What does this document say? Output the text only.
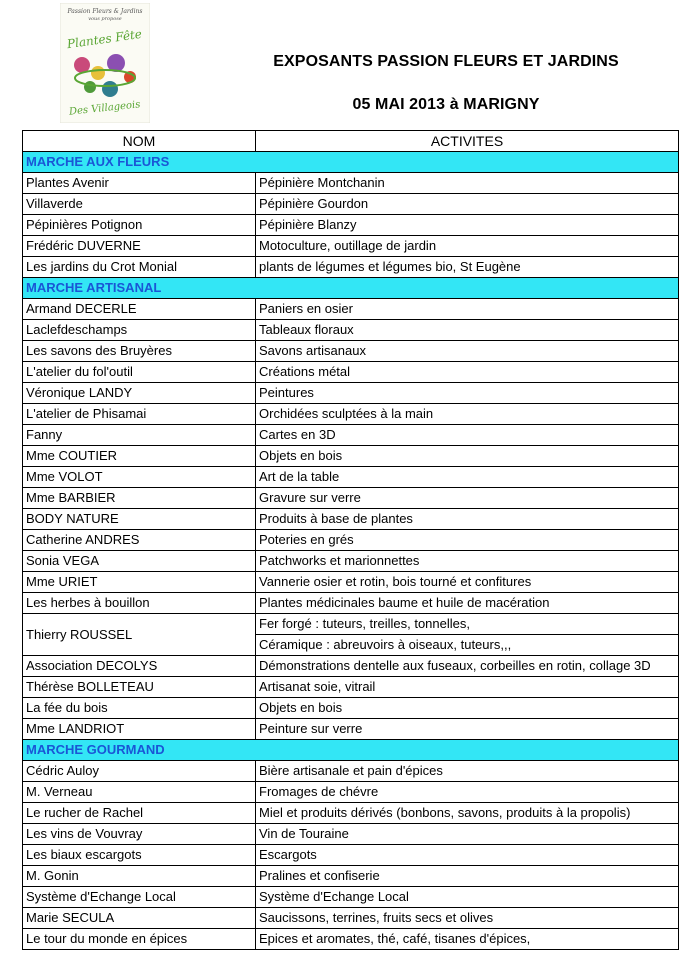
Passion Fleurs & Jardins
vous propose
Plantes Fête
Des Villageois

EXPOSANTS PASSION FLEURS ET JARDINS

05 MAI 2013 à MARIGNY

NOM	ACTIVITES
MARCHE AUX FLEURS	
Plantes Avenir	Pépinière Montchanin
Villaverde	Pépinière Gourdon
Pépinières Potignon	Pépinière Blanzy
Frédéric DUVERNE	Motoculture, outillage de jardin
Les jardins du Crot Monial	plants de légumes et légumes bio, St Eugène
MARCHE ARTISANAL	
Armand DECERLE	Paniers en osier
Laclefdeschamps	Tableaux floraux
Les savons des Bruyères	Savons artisanaux
L'atelier du fol'outil	Créations métal
Véronique LANDY	Peintures
L'atelier de Phisamai	Orchidées sculptées à la main
Fanny	Cartes en 3D
Mme COUTIER	Objets en bois
Mme VOLOT	Art de la table
Mme BARBIER	Gravure sur verre
BODY NATURE	Produits à base de plantes
Catherine ANDRES	Poteries en grés
Sonia VEGA	Patchworks et marionnettes
Mme URIET	Vannerie osier et rotin, bois tourné et confitures
Les herbes à bouillon	Plantes médicinales baume et huile de macération
Thierry ROUSSEL	Fer forgé : tuteurs, treilles, tonnelles,
	Céramique : abreuvoirs à oiseaux, tuteurs,,,
Association DECOLYS	Démonstrations dentelle aux fuseaux, corbeilles en rotin, collage 3D
Thérèse BOLLETEAU	Artisanat soie, vitrail
La fée du bois	Objets en bois
Mme LANDRIOT	Peinture sur verre
MARCHE GOURMAND	
Cédric Auloy	Bière artisanale et pain d'épices
M. Verneau	Fromages de chévre
Le rucher de Rachel	Miel et produits dérivés (bonbons, savons, produits à la propolis)
Les vins de Vouvray	Vin de Touraine
Les biaux escargots	Escargots
M. Gonin	Pralines et confiserie
Système d'Echange Local	Système d'Echange Local
Marie SECULA	Saucissons, terrines, fruits secs et olives
Le tour du monde en épices	Epices et aromates, thé, café, tisanes d'épices,
